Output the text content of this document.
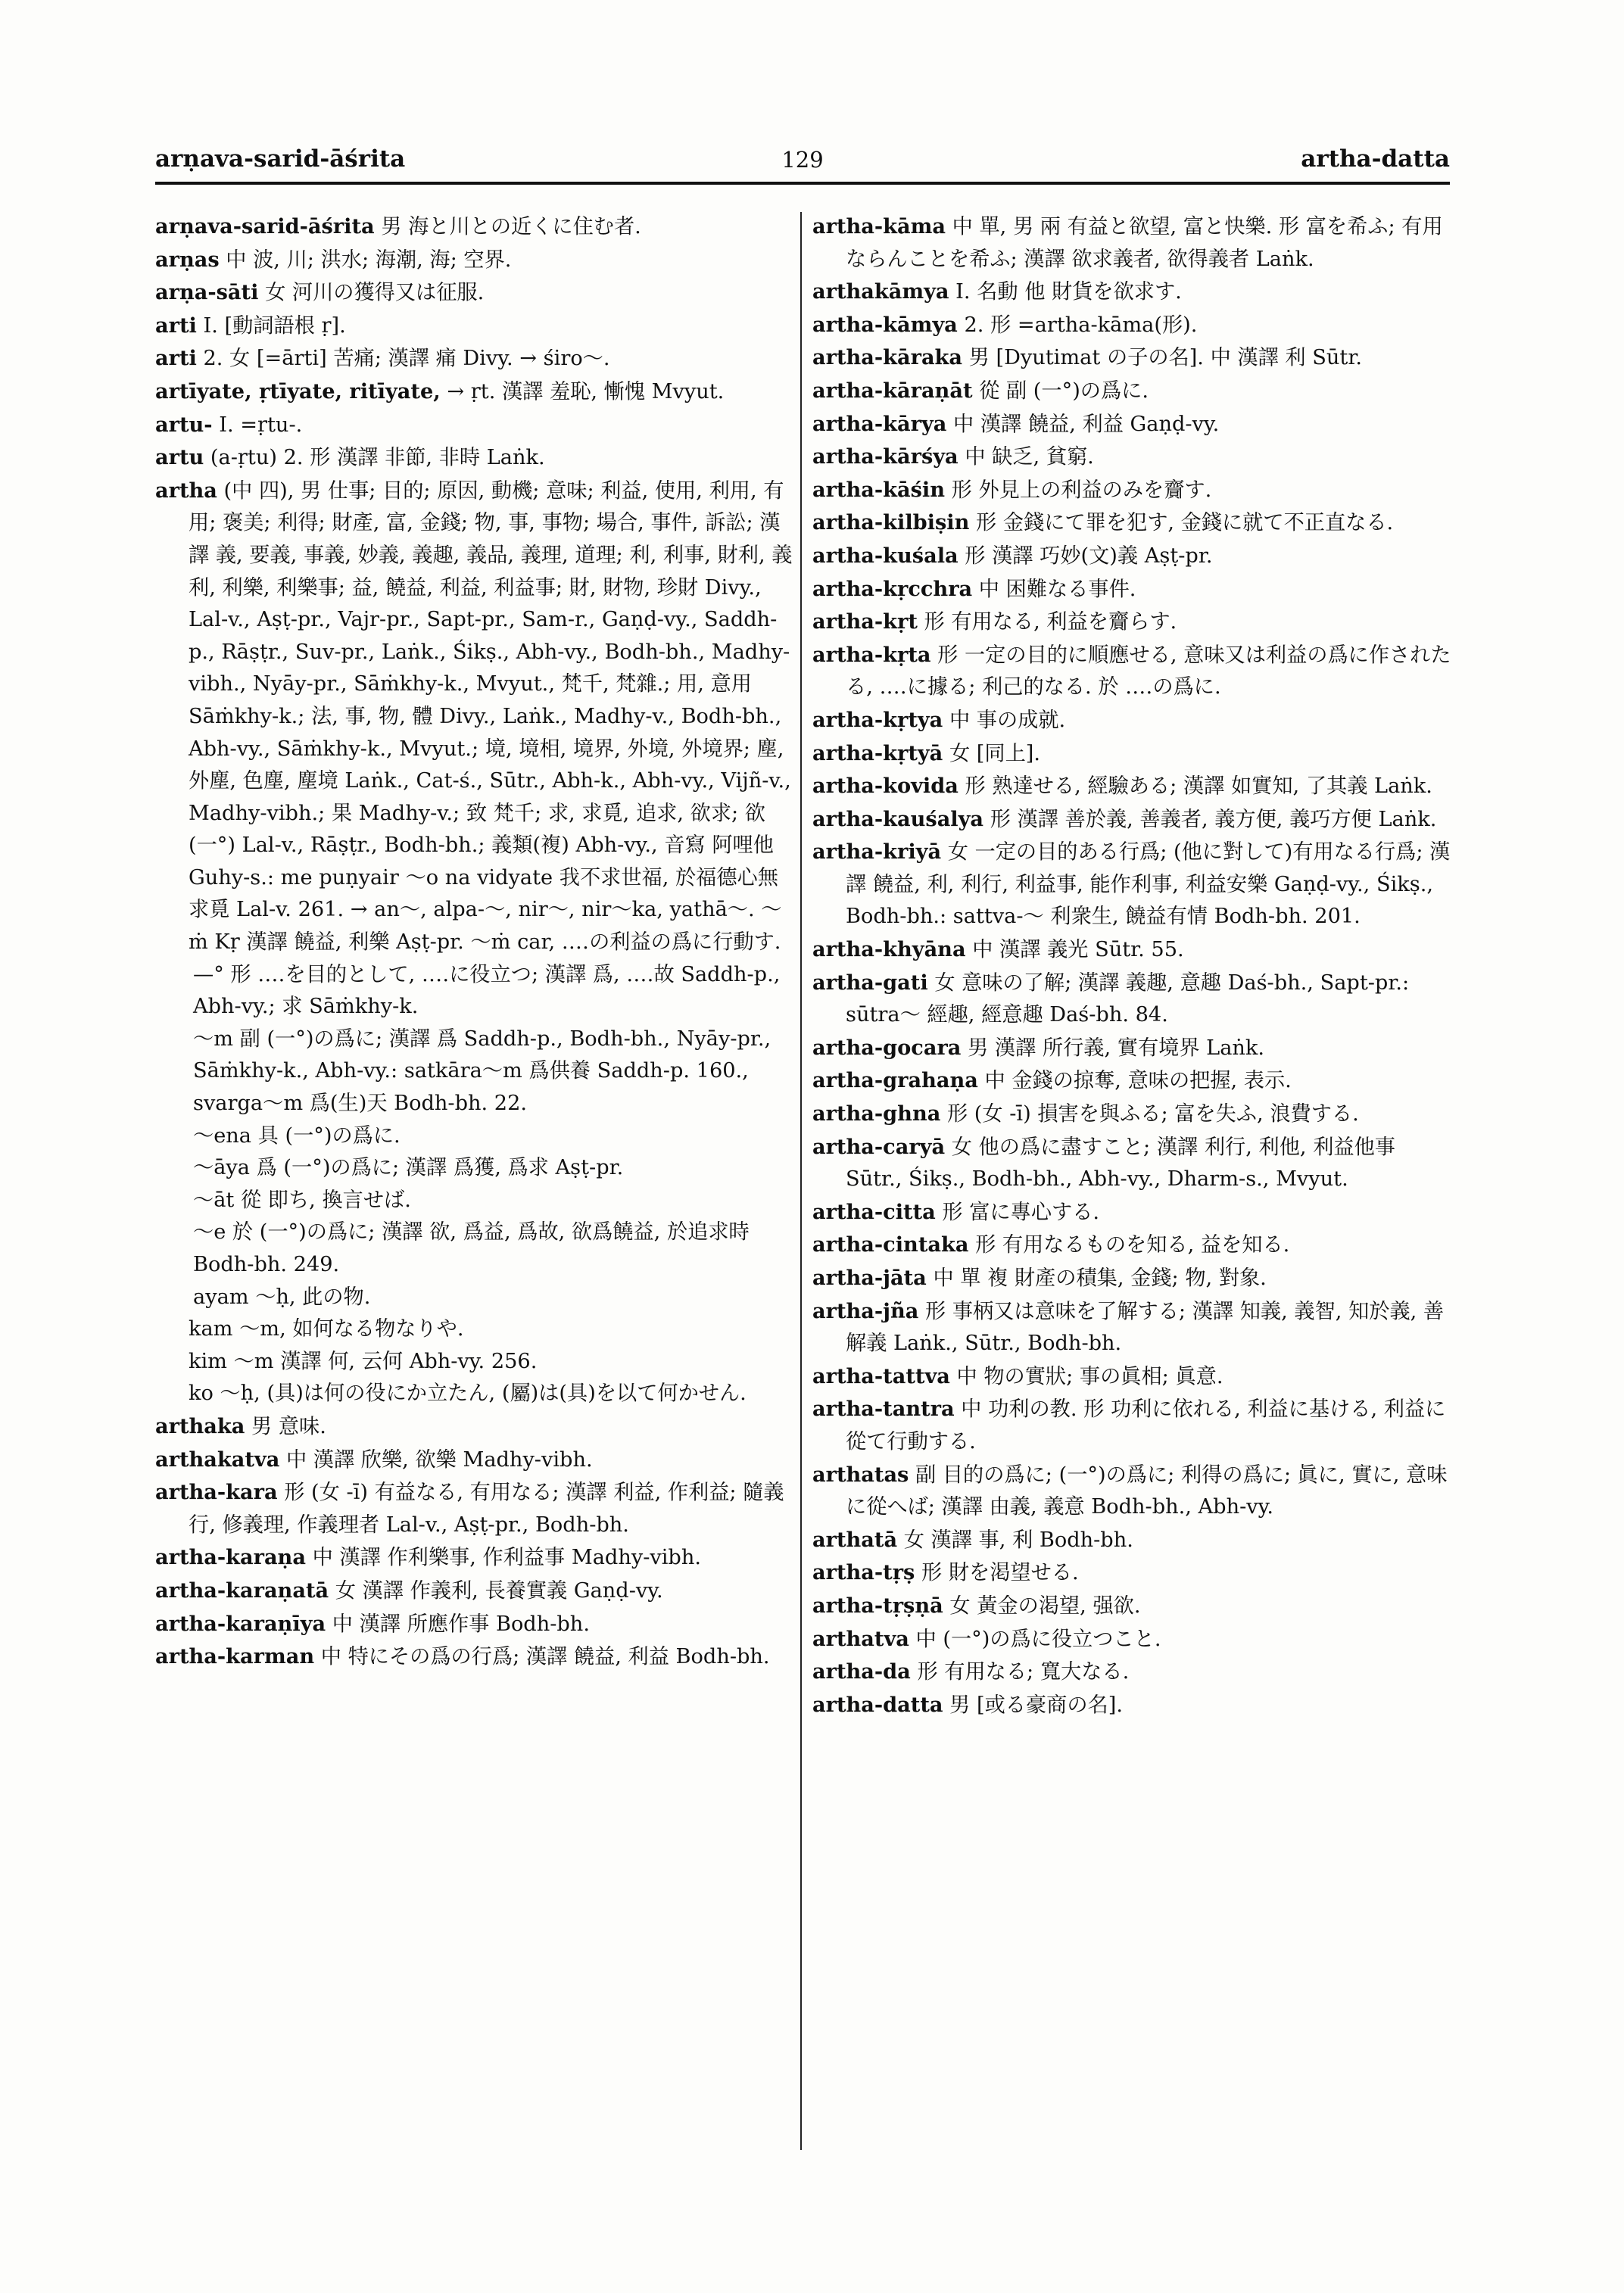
arṇava-sarid-āśrita	129	artha-datta

arṇava-sarid-āśrita 男 海と川との近くに住む者.

arṇas 中 波, 川; 洪水; 海潮, 海; 空界.

arṇa-sāti 女 河川の獲得又は征服.

arti I. [動詞語根 ṛ].

arti 2. 女 [=ārti] 苦痛; 漢譯 痛 Divy. → śiro～.

artīyate, ṛtīyate, ritīyate, → ṛt. 漢譯 羞恥, 慚愧 Mvyut.

artu- I. =ṛtu-.

artu (a-ṛtu) 2. 形 漢譯 非節, 非時 Laṅk.

artha (中 四), 男 仕事; 目的; 原因, 動機; 意味; 利益, 使用, 利用, 有用; 褒美; 利得; 財產, 富, 金錢; 物, 事, 事物; 場合, 事件, 訴訟; 漢譯 義, 要義, 事義, 妙義, 義趣, 義品, 義理, 道理; 利, 利事, 財利, 義利, 利樂, 利樂事; 益, 饒益, 利益, 利益事; 財, 財物, 珍財 Divy., Lal-v., Aṣṭ-pr., Vajr-pr., Sapt-pr., Sam-r., Gaṇḍ-vy., Saddh-p., Rāṣṭr., Suv-pr., Laṅk., Śikṣ., Abh-vy., Bodh-bh., Madhy-vibh., Nyāy-pr., Sāṁkhy-k., Mvyut., 梵千, 梵雜.; 用, 意用 Sāṁkhy-k.; 法, 事, 物, 體 Divy., Laṅk., Madhy-v., Bodh-bh., Abh-vy., Sāṁkhy-k., Mvyut.; 境, 境相, 境界, 外境, 外境界; 塵, 外塵, 色塵, 塵境 Laṅk., Cat-ś., Sūtr., Abh-k., Abh-vy., Vijñ-v., Madhy-vibh.; 果 Madhy-v.; 致 梵千; 求, 求覓, 追求, 欲求; 欲(一°) Lal-v., Rāṣṭr., Bodh-bh.; 義類(複) Abh-vy., 音寫 阿哩他 Guhy-s.: me puṇyair ～o na vidyate 我不求世福, 於福德心無求覓 Lal-v. 261. → an～, alpa-～, nir～, nir～ka, yathā～. ～ṁ Kṛ 漢譯 饒益, 利樂 Aṣṭ-pr. ～ṁ car, ‥‥の利益の爲に行動す.

—° 形 ‥‥を目的として, ‥‥に役立つ; 漢譯 爲, ‥‥故 Saddh-p., Abh-vy.; 求 Sāṁkhy-k.

～m 副 (一°)の爲に; 漢譯 爲 Saddh-p., Bodh-bh., Nyāy-pr., Sāṁkhy-k., Abh-vy.: satkāra～m 爲供養 Saddh-p. 160., svarga～m 爲(生)天 Bodh-bh. 22.

～ena 具 (一°)の爲に.

～āya 爲 (一°)の爲に; 漢譯 爲獲, 爲求 Aṣṭ-pr.

～āt 從 即ち, 換言せば.

～e 於 (一°)の爲に; 漢譯 欲, 爲益, 爲故, 欲爲饒益, 於追求時 Bodh-bh. 249.

ayam ～ḥ, 此の物.

kam ～m, 如何なる物なりや.

kim ～m 漢譯 何, 云何 Abh-vy. 256.

ko ～ḥ, (具)は何の役にか立たん, (屬)は(具)を以て何かせん.

arthaka 男 意味.

arthakatva 中 漢譯 欣樂, 欲樂 Madhy-vibh.

artha-kara 形 (女 -ī) 有益なる, 有用なる; 漢譯 利益, 作利益; 隨義行, 修義理, 作義理者 Lal-v., Aṣṭ-pr., Bodh-bh.

artha-karaṇa 中 漢譯 作利樂事, 作利益事 Madhy-vibh.

artha-karaṇatā 女 漢譯 作義利, 長養實義 Gaṇḍ-vy.

artha-karaṇīya 中 漢譯 所應作事 Bodh-bh.

artha-karman 中 特にその爲の行爲; 漢譯 饒益, 利益 Bodh-bh.

artha-kāma 中 單, 男 兩 有益と欲望, 富と快樂. 形 富を希ふ; 有用ならんことを希ふ; 漢譯 欲求義者, 欲得義者 Laṅk.

arthakāmya I. 名動 他 財貨を欲求す.

artha-kāmya 2. 形 =artha-kāma(形).

artha-kāraka 男 [Dyutimat の子の名]. 中 漢譯 利 Sūtr.

artha-kāraṇāt 從 副 (一°)の爲に.

artha-kārya 中 漢譯 饒益, 利益 Gaṇḍ-vy.

artha-kārśya 中 缺乏, 貧窮.

artha-kāśin 形 外見上の利益のみを齎す.

artha-kilbiṣin 形 金錢にて罪を犯す, 金錢に就て不正直なる.

artha-kuśala 形 漢譯 巧妙(文)義 Aṣṭ-pr.

artha-kṛcchra 中 困難なる事件.

artha-kṛt 形 有用なる, 利益を齎らす.

artha-kṛta 形 一定の目的に順應せる, 意味又は利益の爲に作されたる, ‥‥に據る; 利己的なる. 於 ‥‥の爲に.

artha-kṛtya 中 事の成就.

artha-kṛtyā 女 [同上].

artha-kovida 形 熟達せる, 經驗ある; 漢譯 如實知, 了其義 Laṅk.

artha-kauśalya 形 漢譯 善於義, 善義者, 義方便, 義巧方便 Laṅk.

artha-kriyā 女 一定の目的ある行爲; (他に對して)有用なる行爲; 漢譯 饒益, 利, 利行, 利益事, 能作利事, 利益安樂 Gaṇḍ-vy., Śikṣ., Bodh-bh.: sattva-～ 利衆生, 饒益有情 Bodh-bh. 201.

artha-khyāna 中 漢譯 義光 Sūtr. 55.

artha-gati 女 意味の了解; 漢譯 義趣, 意趣 Daś-bh., Sapt-pr.: sūtra～ 經趣, 經意趣 Daś-bh. 84.

artha-gocara 男 漢譯 所行義, 實有境界 Laṅk.

artha-grahaṇa 中 金錢の掠奪, 意味の把握, 表示.

artha-ghna 形 (女 -ī) 損害を與ふる; 富を失ふ, 浪費する.

artha-caryā 女 他の爲に盡すこと; 漢譯 利行, 利他, 利益他事 Sūtr., Śikṣ., Bodh-bh., Abh-vy., Dharm-s., Mvyut.

artha-citta 形 富に專心する.

artha-cintaka 形 有用なるものを知る, 益を知る.

artha-jāta 中 單 複 財產の積集, 金錢; 物, 對象.

artha-jña 形 事柄又は意味を了解する; 漢譯 知義, 義智, 知於義, 善解義 Laṅk., Sūtr., Bodh-bh.

artha-tattva 中 物の實狀; 事の眞相; 眞意.

artha-tantra 中 功利の教. 形 功利に依れる, 利益に基ける, 利益に從て行動する.

arthatas 副 目的の爲に; (一°)の爲に; 利得の爲に; 眞に, 實に, 意味に從へば; 漢譯 由義, 義意 Bodh-bh., Abh-vy.

arthatā 女 漢譯 事, 利 Bodh-bh.

artha-tṛṣ 形 財を渇望せる.

artha-tṛṣṇā 女 黃金の渇望, 强欲.

arthatva 中 (一°)の爲に役立つこと.

artha-da 形 有用なる; 寬大なる.

artha-datta 男 [或る豪商の名].
